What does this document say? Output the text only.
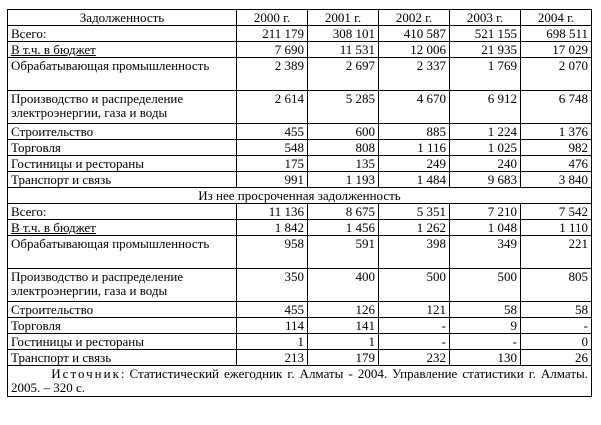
Задолженность	2000 г.	2001 г.	2002 г.	2003 г.	2004 г.
Всего:	211 179	308 101	410 587	521 155	698 511
В т.ч. в бюджет	7 690	11 531	12 006	21 935	17 029
Обрабатывающая промышленность	2 389	2 697	2 337	1 769	2 070
Производство и распределение электроэнергии, газа и воды	2 614	5 285	4 670	6 912	6 748
Строительство	455	600	885	1 224	1 376
Торговля	548	808	1 116	1 025	982
Гостиницы и рестораны	175	135	249	240	476
Транспорт и связь	991	1 193	1 484	9 683	3 840
Из нее просроченная задолженность					
Всего:	11 136	8 675	5 351	7 210	7 542
В т.ч. в бюджет	1 842	1 456	1 262	1 048	1 110
Обрабатывающая промышленность	958	591	398	349	221
Производство и распределение электроэнергии, газа и воды	350	400	500	500	805
Строительство	455	126	121	58	58
Торговля	114	141	-	9	-
Гостиницы и рестораны	1	1	-	-	0
Транспорт и связь	213	179	232	130	26
Источник: Статистический ежегодник г. Алматы - 2004. Управление статистики г. Алматы. 2005. – 320 с.					
